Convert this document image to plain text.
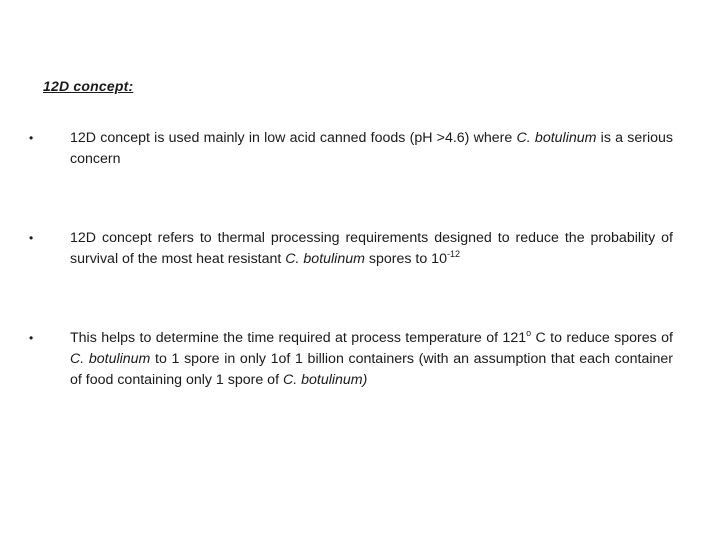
12D concept:
•	12D concept is used mainly in low acid canned foods (pH >4.6) where C. botulinum is a serious concern
•	12D concept refers to thermal processing requirements designed to reduce the probability of survival of the most heat resistant C. botulinum spores to $10^{-12}$
•	This helps to determine the time required at process temperature of 121$^o$ C to reduce spores of C. botulinum to 1 spore in only 1of 1 billion containers (with an assumption that each container of food containing only 1 spore of C. botulinum)
